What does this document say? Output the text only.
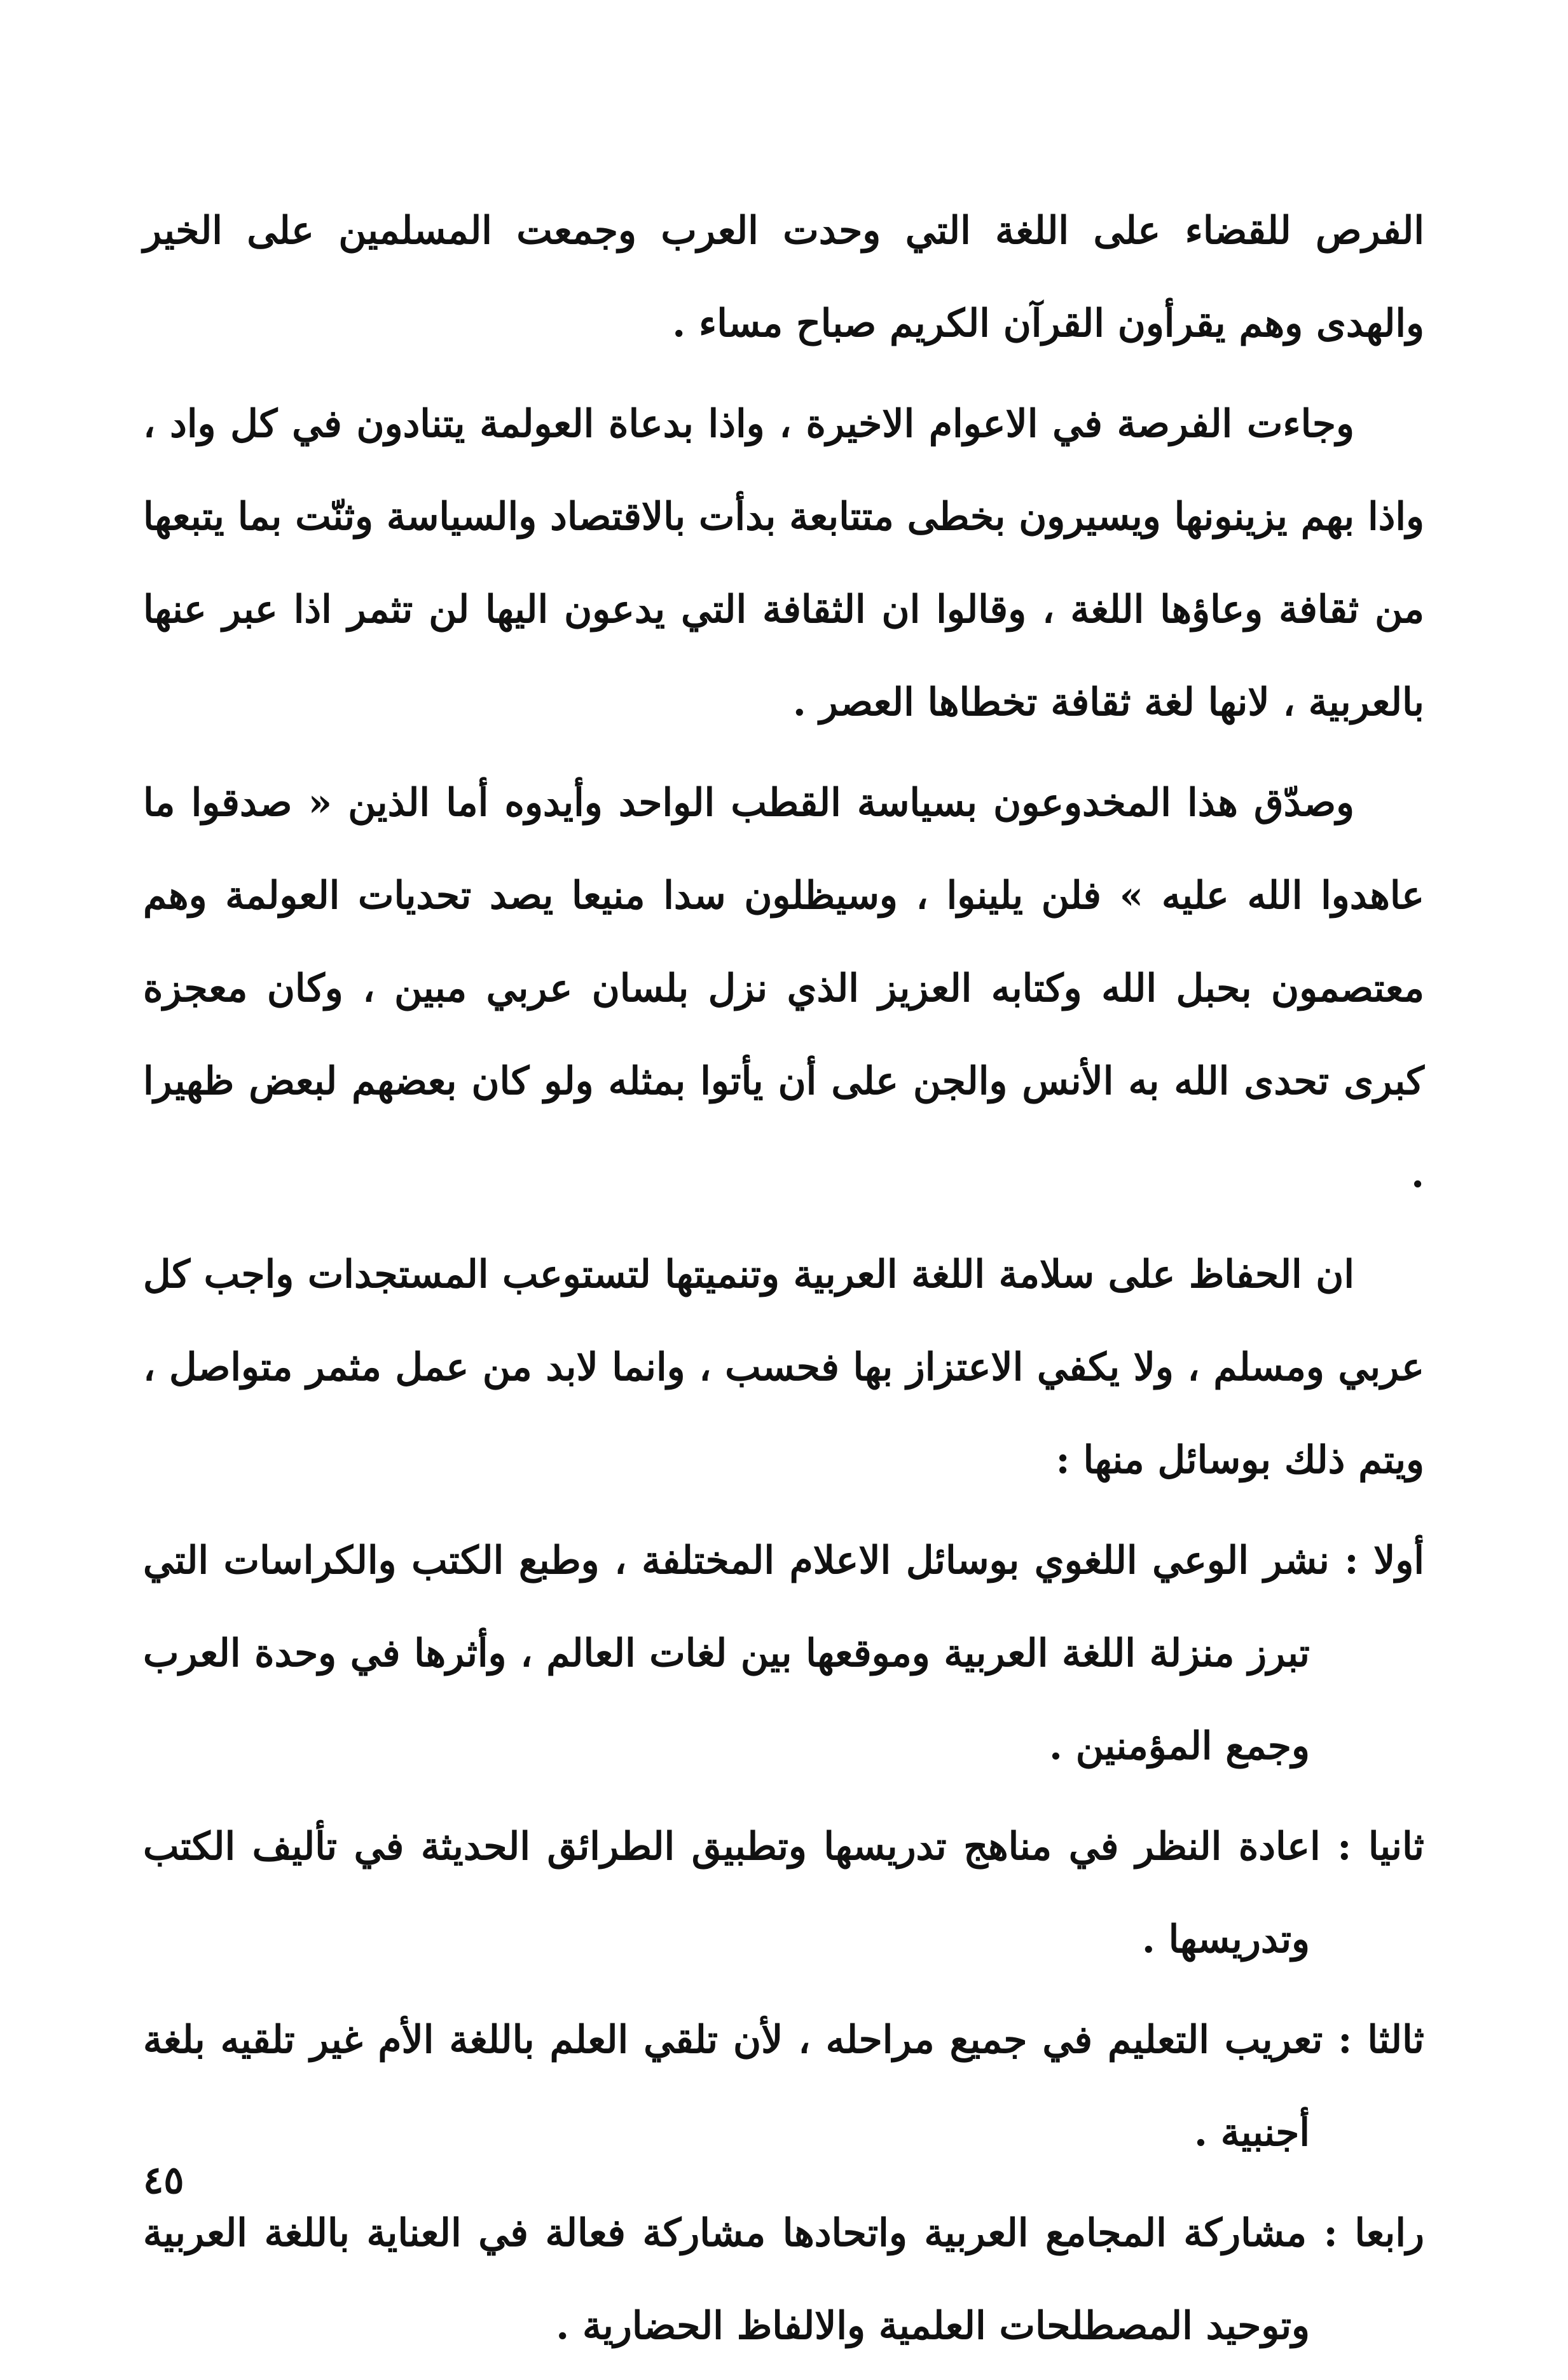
الفرص للقضاء على اللغة التي وحدت العرب وجمعت المسلمين على الخير والهدى وهم يقرأون القرآن الكريم صباح مساء .

وجاءت الفرصة في الاعوام الاخيرة ، واذا بدعاة العولمة يتنادون في كل واد ، واذا بهم يزينونها ويسيرون بخطى متتابعة بدأت بالاقتصاد والسياسة وثنّت بما يتبعها من ثقافة وعاؤها اللغة ، وقالوا ان الثقافة التي يدعون اليها لن تثمر اذا عبر عنها بالعربية ، لانها لغة ثقافة تخطاها العصر .

وصدّق هذا المخدوعون بسياسة القطب الواحد وأيدوه أما الذين « صدقوا ما عاهدوا الله عليه » فلن يلينوا ، وسيظلون سدا منيعا يصد تحديات العولمة وهم معتصمون بحبل الله وكتابه العزيز الذي نزل بلسان عربي مبين ، وكان معجزة كبرى تحدى الله به الأنس والجن على أن يأتوا بمثله ولو كان بعضهم لبعض ظهيرا .

ان الحفاظ على سلامة اللغة العربية وتنميتها لتستوعب المستجدات واجب كل عربي ومسلم ، ولا يكفي الاعتزاز بها فحسب ، وانما لابد من عمل مثمر متواصل ، ويتم ذلك بوسائل منها :

أولا : نشر الوعي اللغوي بوسائل الاعلام المختلفة ، وطبع الكتب والكراسات التي تبرز منزلة اللغة العربية وموقعها بين لغات العالم ، وأثرها في وحدة العرب وجمع المؤمنين .

ثانيا : اعادة النظر في مناهج تدريسها وتطبيق الطرائق الحديثة في تأليف الكتب وتدريسها .

ثالثا : تعريب التعليم في جميع مراحله ، لأن تلقي العلم باللغة الأم غير تلقيه بلغة أجنبية .

رابعا : مشاركة المجامع العربية واتحادها مشاركة فعالة في العناية باللغة العربية وتوحيد المصطلحات العلمية والالفاظ الحضارية .

٤٥
